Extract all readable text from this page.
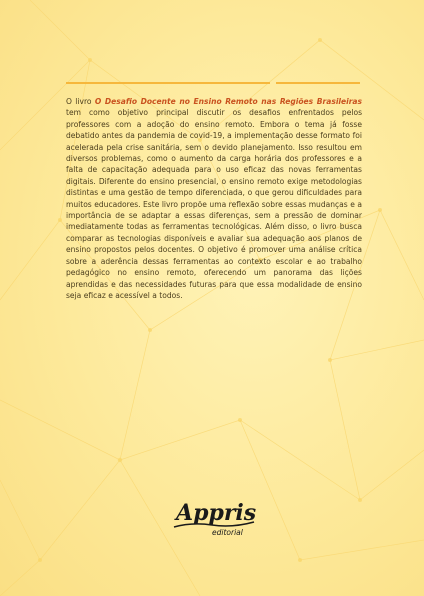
O livro O Desafio Docente no Ensino Remoto nas Regiões Brasileiras tem como objetivo principal discutir os desafios enfrentados pelos professores com a adoção do ensino remoto. Embora o tema já fosse debatido antes da pandemia de covid-19, a implementação desse formato foi acelerada pela crise sanitária, sem o devido planejamento. Isso resultou em diversos problemas, como o aumento da carga horária dos professores e a falta de capacitação adequada para o uso eficaz das novas ferramentas digitais. Diferente do ensino presencial, o ensino remoto exige metodologias distintas e uma gestão de tempo diferenciada, o que gerou dificuldades para muitos educadores. Este livro propõe uma reflexão sobre essas mudanças e a importância de se adaptar a essas diferenças, sem a pressão de dominar imediatamente todas as ferramentas tecnológicas. Além disso, o livro busca comparar as tecnologias disponíveis e avaliar sua adequação aos planos de ensino propostos pelos docentes. O objetivo é promover uma análise crítica sobre a aderência dessas ferramentas ao contexto escolar e ao trabalho pedagógico no ensino remoto, oferecendo um panorama das lições aprendidas e das necessidades futuras para que essa modalidade de ensino seja eficaz e acessível a todos.
Appris
editorial
